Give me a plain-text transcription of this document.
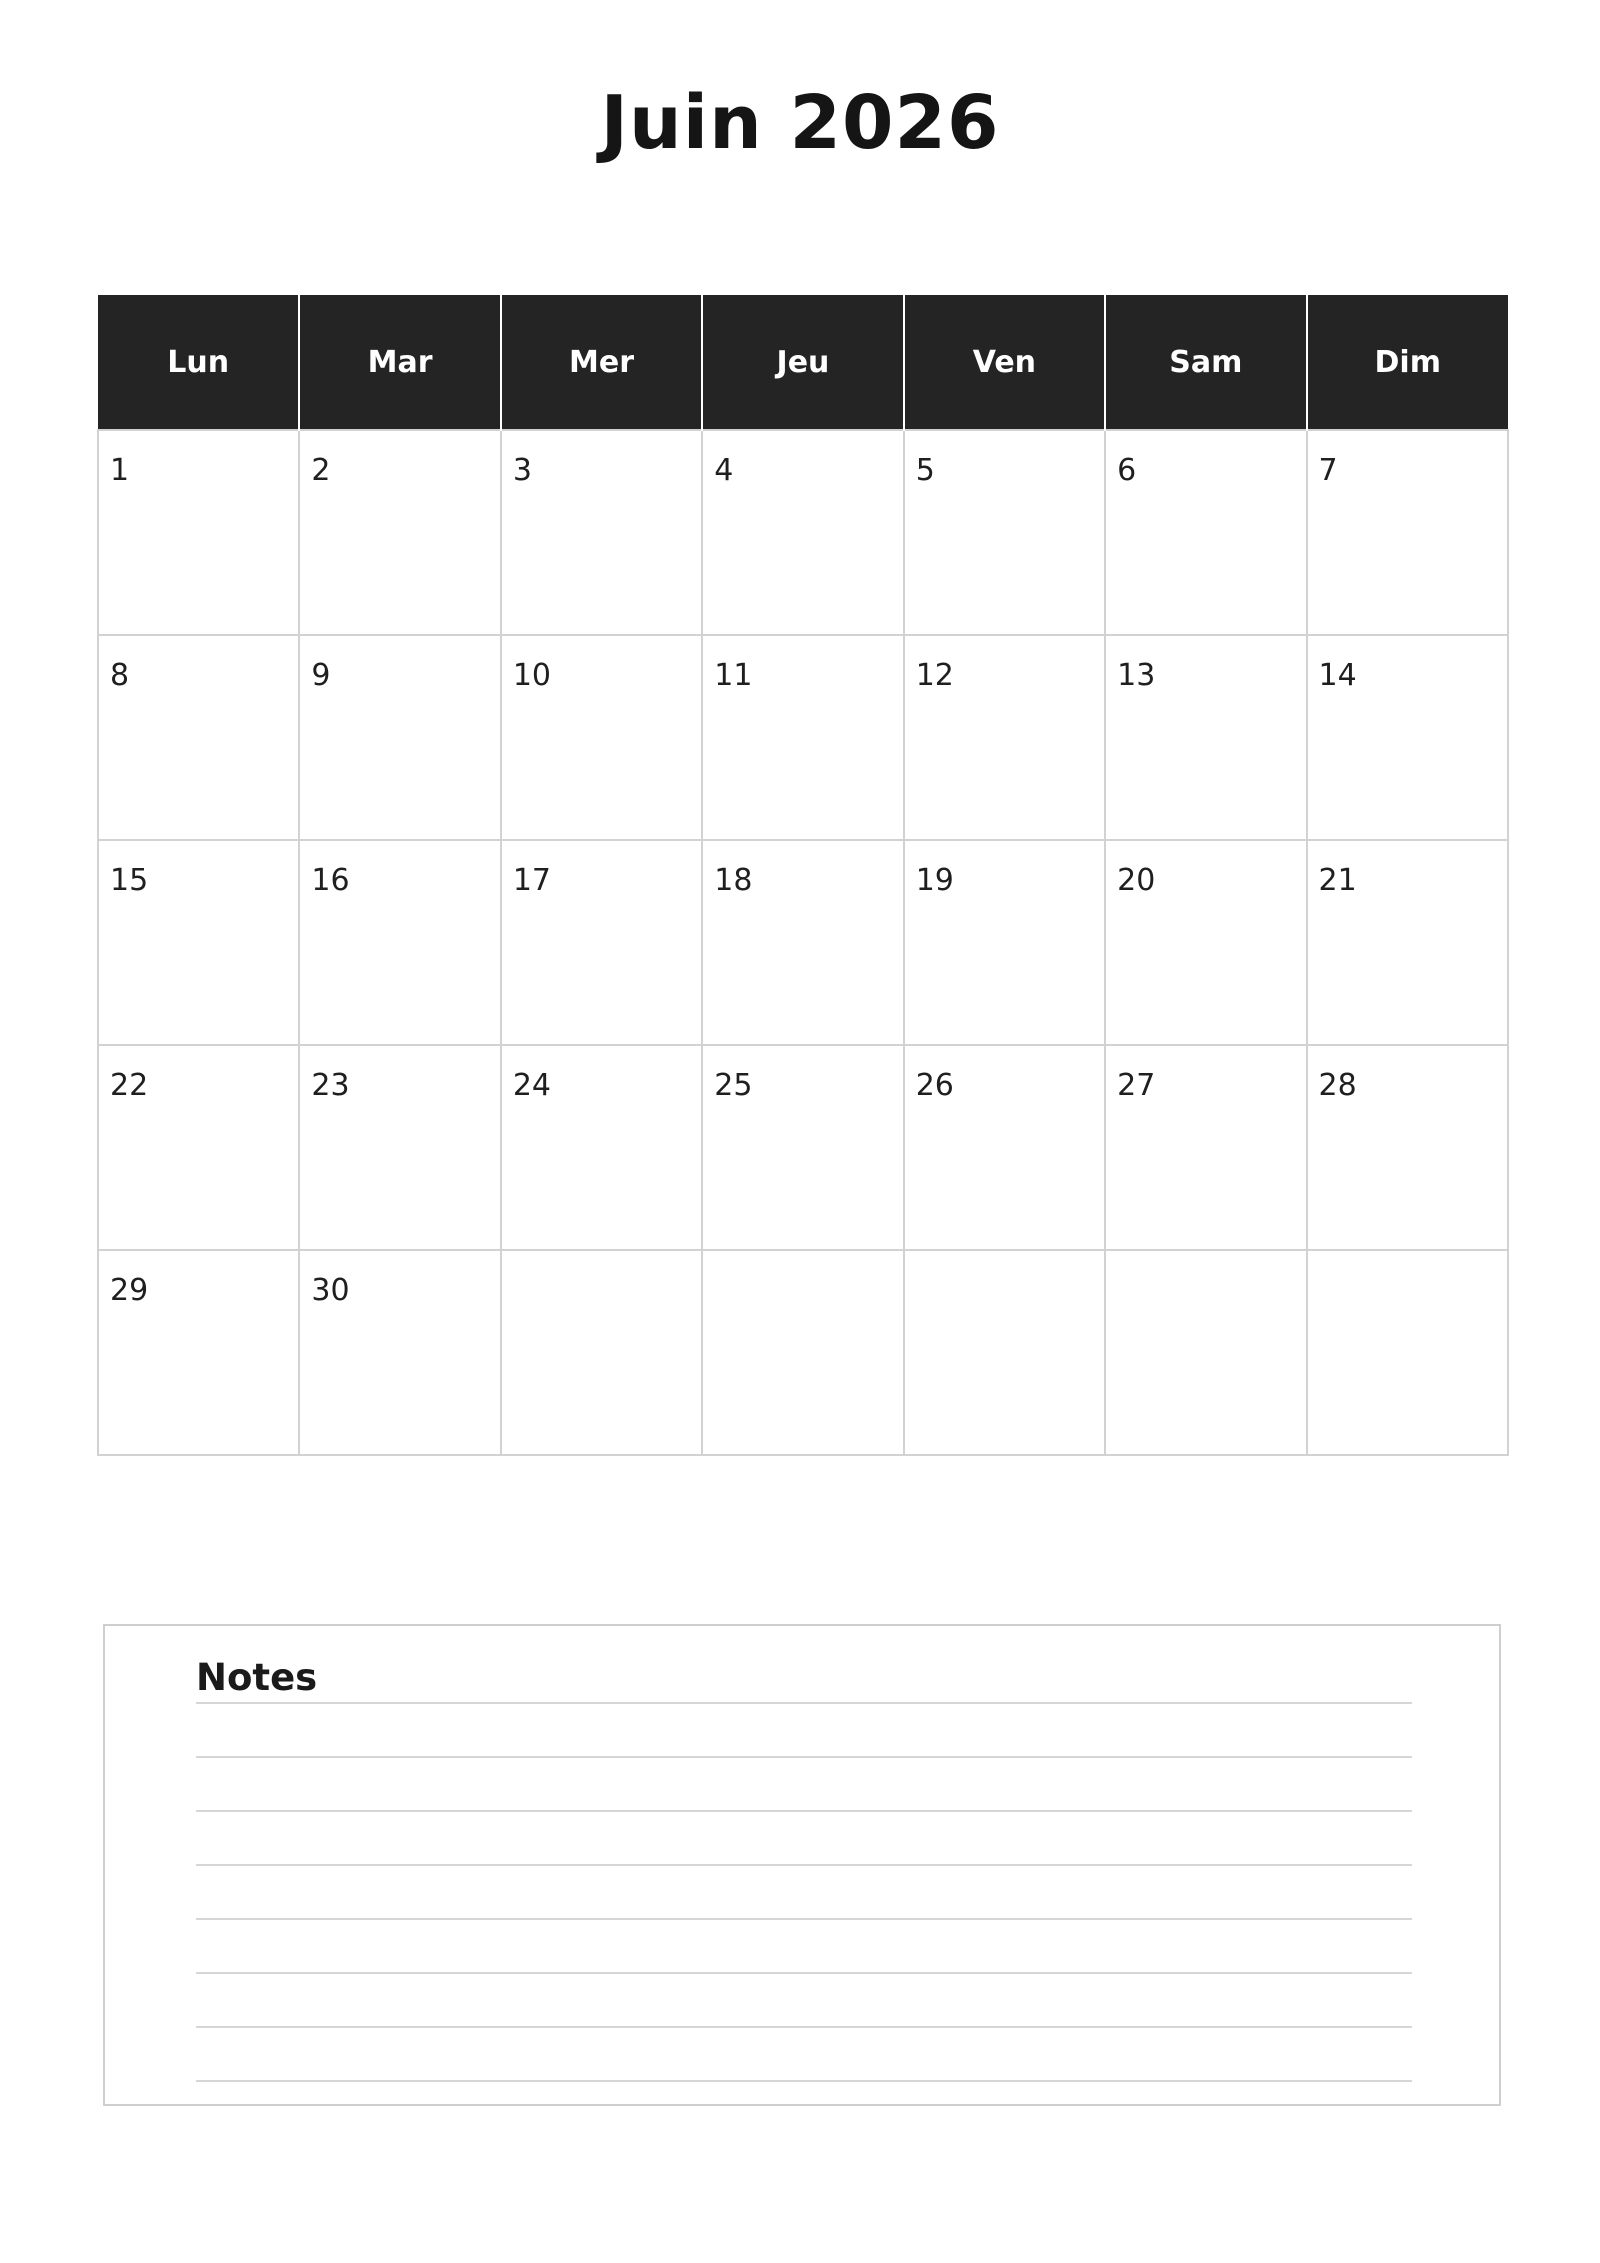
Juin 2026
Lun	Mar	Mer	Jeu	Ven	Sam	Dim

1	2	3	4	5	6	7

8	9	10	11	12	13	14

15	16	17	18	19	20	21

22	23	24	25	26	27	28

29	30					

Notes
